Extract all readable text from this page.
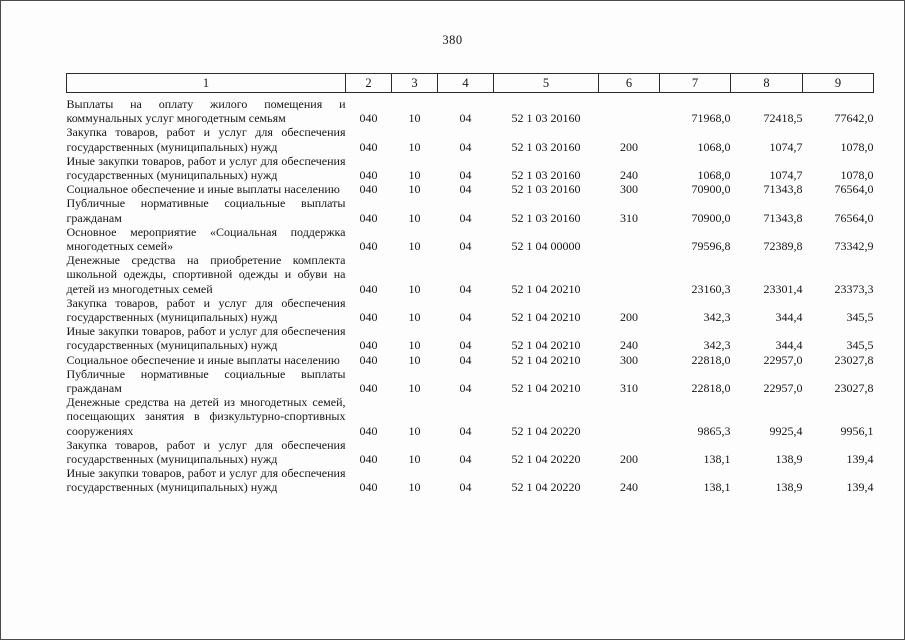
380
1	2	3	4	5	6	7	8	9
Выплаты на оплату жилого помещения и коммунальных услуг многодетным семьям	040	10	04	52 1 03 20160		71968,0	72418,5	77642,0
Закупка товаров, работ и услуг для обеспечения государственных (муниципальных) нужд	040	10	04	52 1 03 20160	200	1068,0	1074,7	1078,0
Иные закупки товаров, работ и услуг для обеспечения государственных (муниципальных) нужд	040	10	04	52 1 03 20160	240	1068,0	1074,7	1078,0
Социальное обеспечение и иные выплаты населению	040	10	04	52 1 03 20160	300	70900,0	71343,8	76564,0
Публичные нормативные социальные выплаты гражданам	040	10	04	52 1 03 20160	310	70900,0	71343,8	76564,0
Основное мероприятие «Социальная поддержка многодетных семей»	040	10	04	52 1 04 00000		79596,8	72389,8	73342,9
Денежные средства на приобретение комплекта школьной одежды, спортивной одежды и обуви на детей из многодетных семей	040	10	04	52 1 04 20210		23160,3	23301,4	23373,3
Закупка товаров, работ и услуг для обеспечения государственных (муниципальных) нужд	040	10	04	52 1 04 20210	200	342,3	344,4	345,5
Иные закупки товаров, работ и услуг для обеспечения государственных (муниципальных) нужд	040	10	04	52 1 04 20210	240	342,3	344,4	345,5
Социальное обеспечение и иные выплаты населению	040	10	04	52 1 04 20210	300	22818,0	22957,0	23027,8
Публичные нормативные социальные выплаты гражданам	040	10	04	52 1 04 20210	310	22818,0	22957,0	23027,8
Денежные средства на детей из многодетных семей, посещающих занятия в физкультурно-спортивных сооружениях	040	10	04	52 1 04 20220		9865,3	9925,4	9956,1
Закупка товаров, работ и услуг для обеспечения государственных (муниципальных) нужд	040	10	04	52 1 04 20220	200	138,1	138,9	139,4
Иные закупки товаров, работ и услуг для обеспечения государственных (муниципальных) нужд	040	10	04	52 1 04 20220	240	138,1	138,9	139,4
